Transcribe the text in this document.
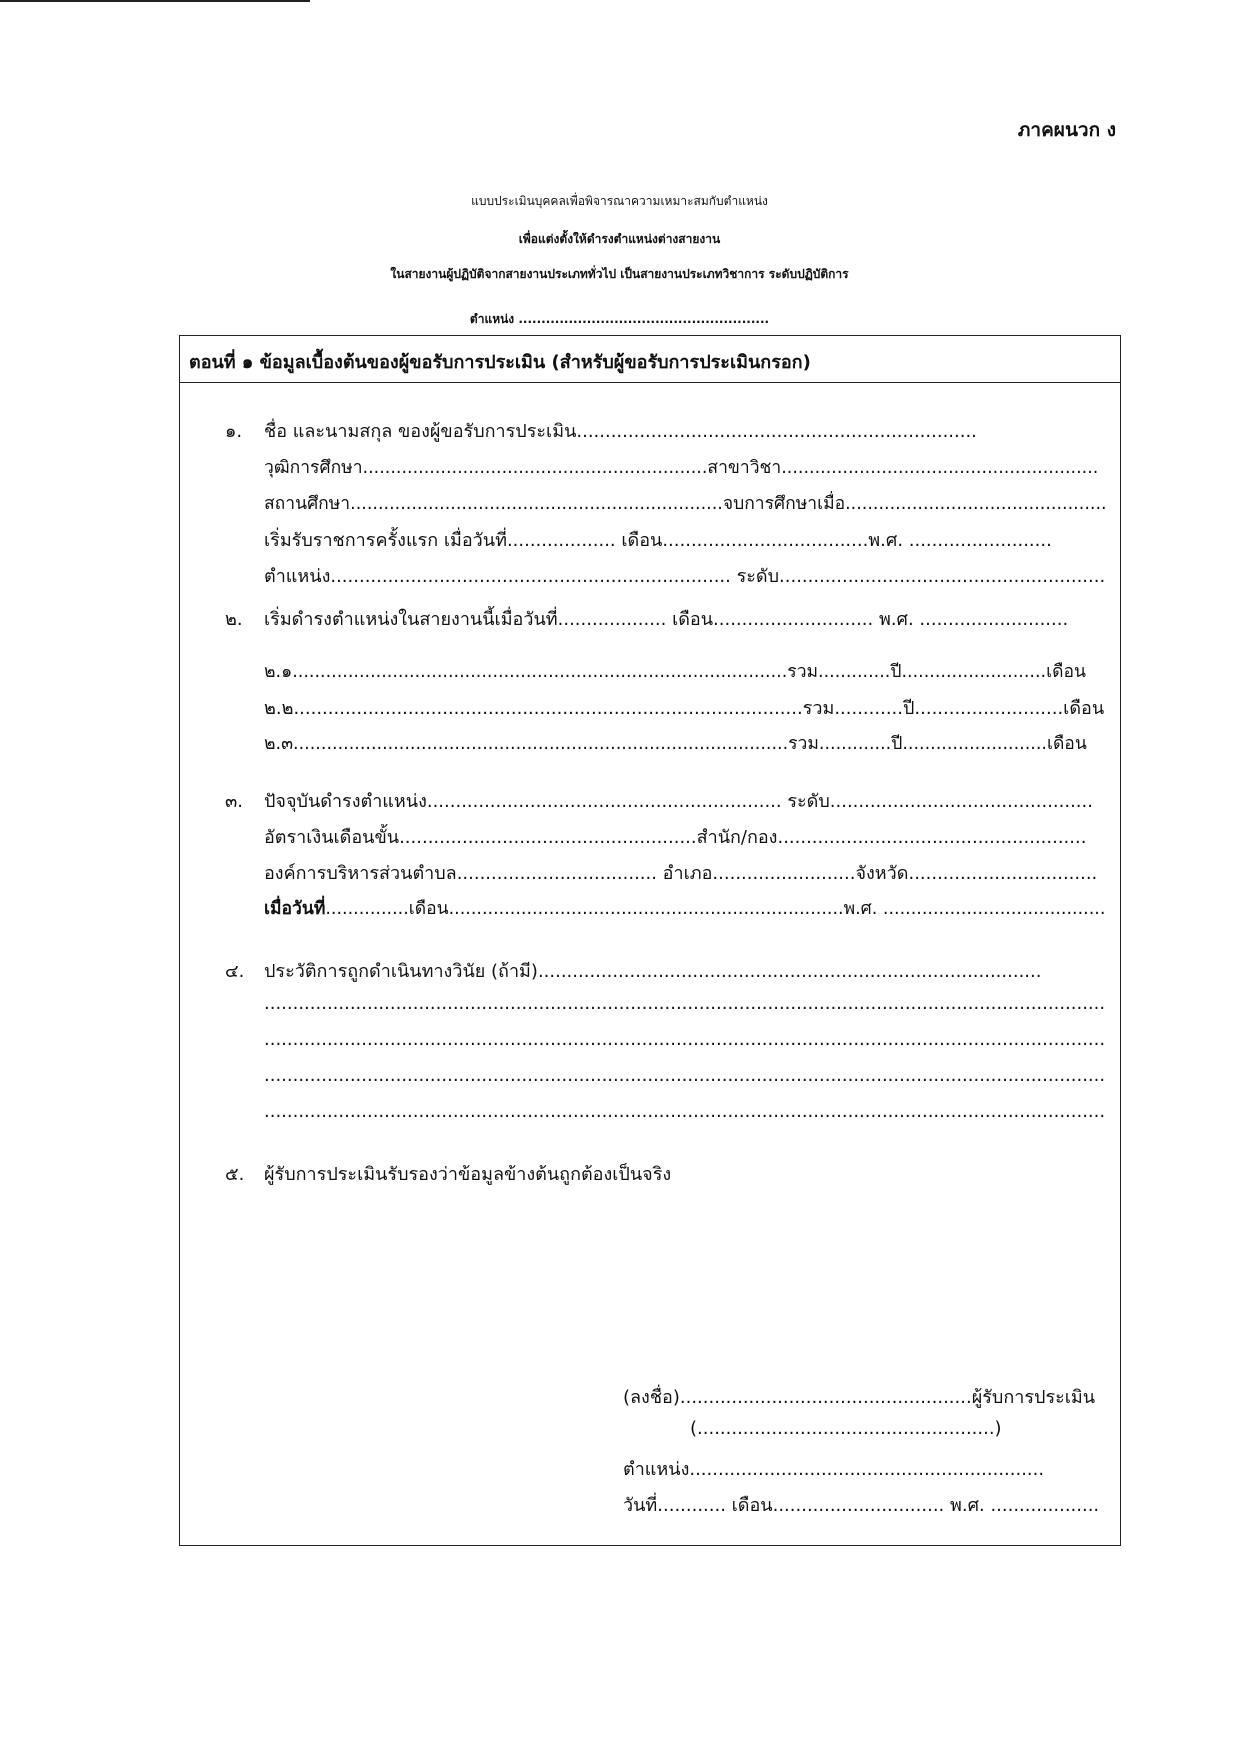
ภาคผนวก ง
แบบประเมินบุคคลเพื่อพิจารณาความเหมาะสมกับตำแหน่ง
เพื่อแต่งตั้งให้ดำรงตำแหน่งต่างสายงาน
ในสายงานผู้ปฏิบัติจากสายงานประเภททั่วไป เป็นสายงานประเภทวิชาการ ระดับปฏิบัติการ
ตำแหน่ง .......................................................
ตอนที่ ๑ ข้อมูลเบื้องต้นของผู้ขอรับการประเมิน (สำหรับผู้ขอรับการประเมินกรอก)
๑. ชื่อ และนามสกุล ของผู้ขอรับการประเมิน......................................................................
วุฒิการศึกษา..............................................................สาขาวิชา.........................................................
สถานศึกษา...................................................................จบการศึกษาเมื่อ...............................................
เริ่มรับราชการครั้งแรก เมื่อวันที่................... เดือน....................................พ.ศ. .........................
ตำแหน่ง...................................................................... ระดับ.........................................................
๒. เริ่มดำรงตำแหน่งในสายงานนี้เมื่อวันที่................... เดือน............................ พ.ศ. ..........................
๒.๑.........................................................................................รวม.............ปี..........................เดือน
๒.๒.........................................................................................รวม............ปี..........................เดือน
๒.๓.........................................................................................รวม.............ปี..........................เดือน
๓. ปัจจุบันดำรงตำแหน่ง.............................................................. ระดับ..............................................
อัตราเงินเดือนขั้น....................................................สำนัก/กอง......................................................
องค์การบริหารส่วนตำบล................................... อำเภอ.........................จังหวัด.................................
เมื่อวันที่...............เดือน.......................................................................พ.ศ. ........................................
๔. ประวัติการถูกดำเนินทางวินัย (ถ้ามี)........................................................................................
...................................................................................................................................................
...................................................................................................................................................
...................................................................................................................................................
...................................................................................................................................................
๕. ผู้รับการประเมินรับรองว่าข้อมูลข้างต้นถูกต้องเป็นจริง
(ลงชื่อ)...................................................ผู้รับการประเมิน
(....................................................)
ตำแหน่ง..............................................................
วันที่............ เดือน.............................. พ.ศ. ...................
